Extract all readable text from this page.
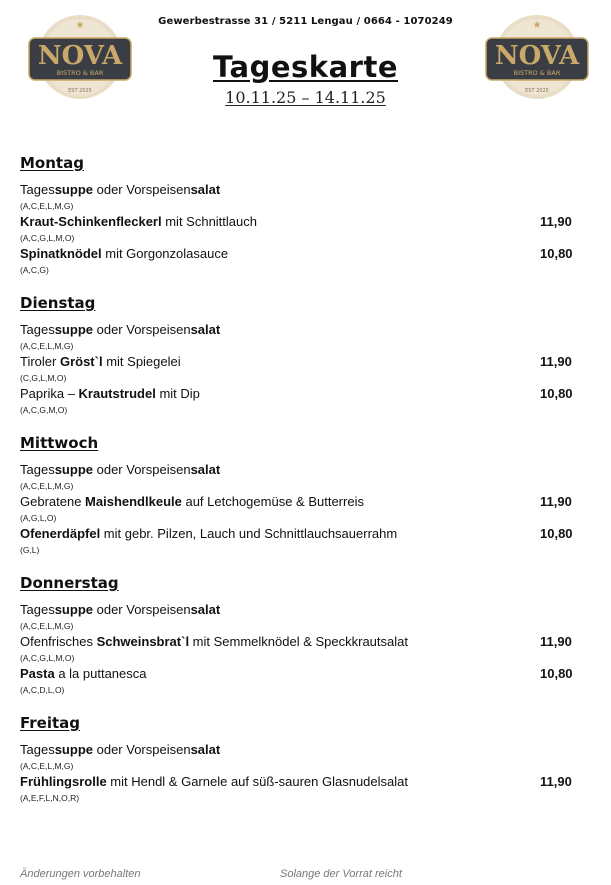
★
NOVA
BISTRO & BAR
EST 2025
★
NOVA
BISTRO & BAR
EST 2025
Gewerbestrasse 31 / 5211 Lengau / 0664 - 1070249
Tageskarte
10.11.25 – 14.11.25
Montag
Tagessuppe oder Vorspeisensalat
(A,C,E,L,M,G)
Kraut-Schinkenfleckerl mit Schnittlauch	11,90
(A,C,G,L,M,O)
Spinatknödel mit Gorgonzolasauce	10,80
(A,C,G)
Dienstag
Tagessuppe oder Vorspeisensalat
(A,C,E,L,M,G)
Tiroler Gröst`l mit Spiegelei	11,90
(C,G,L,M,O)
Paprika – Krautstrudel mit Dip	10,80
(A,C,G,M,O)
Mittwoch
Tagessuppe oder Vorspeisensalat
(A,C,E,L,M,G)
Gebratene Maishendlkeule auf Letchogemüse & Butterreis	11,90
(A,G,L,O)
Ofenerdäpfel mit gebr. Pilzen, Lauch und Schnittlauchsauerrahm	10,80
(G,L)
Donnerstag
Tagessuppe oder Vorspeisensalat
(A,C,E,L,M,G)
Ofenfrisches Schweinsbrat`l mit Semmelknödel & Speckkrautsalat	11,90
(A,C,G,L,M,O)
Pasta a la puttanesca	10,80
(A,C,D,L,O)
Freitag
Tagessuppe oder Vorspeisensalat
(A,C,E,L,M,G)
Frühlingsrolle mit Hendl & Garnele auf süß-sauren Glasnudelsalat	11,90
(A,E,F,L,N,O,R)
Änderungen vorbehalten	Solange der Vorrat reicht
